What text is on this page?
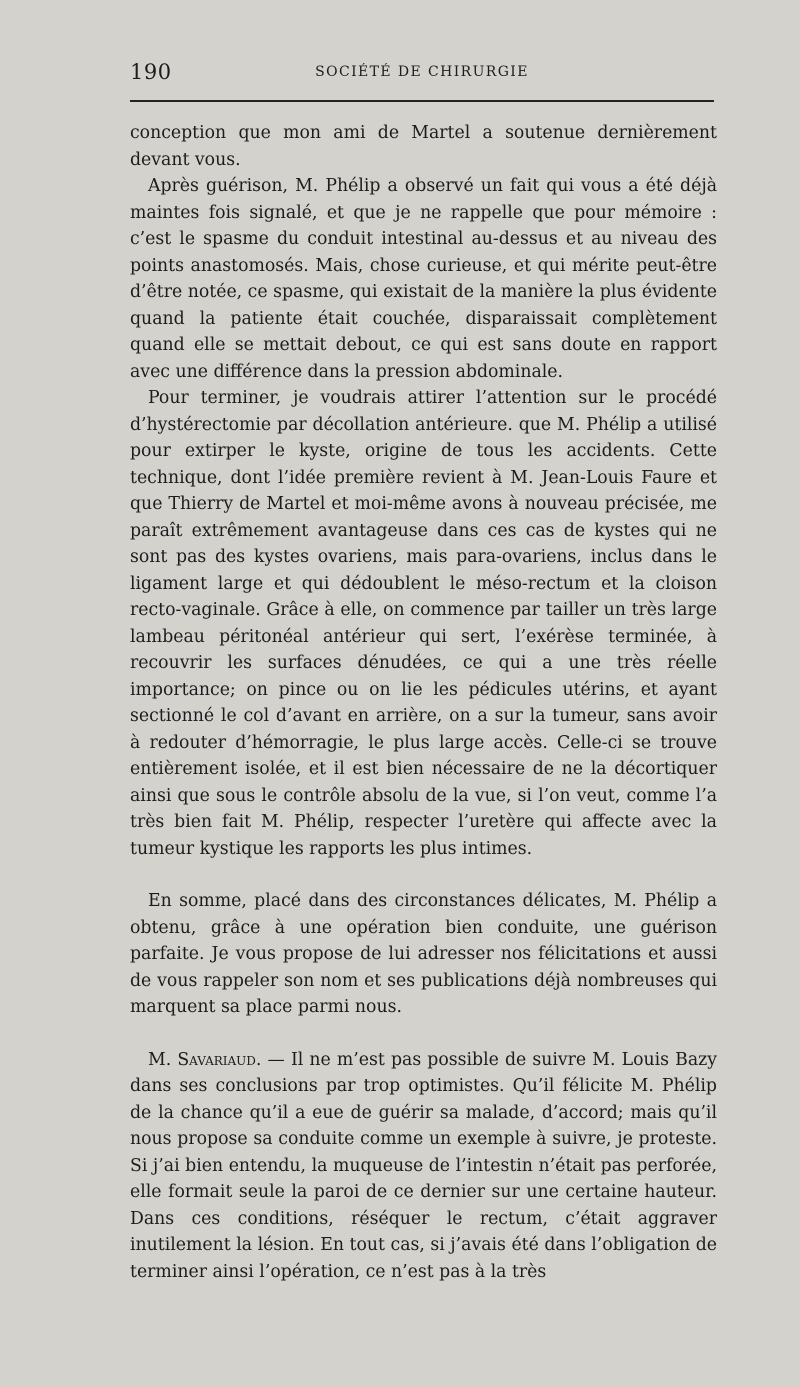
190	SOCIÉTÉ DE CHIRURGIE

conception que mon ami de Martel a soutenue dernièrement devant vous.

Après guérison, M. Phélip a observé un fait qui vous a été déjà maintes fois signalé, et que je ne rappelle que pour mémoire : c’est le spasme du conduit intestinal au-dessus et au niveau des points anastomosés. Mais, chose curieuse, et qui mérite peut-être d’être notée, ce spasme, qui existait de la manière la plus évidente quand la patiente était couchée, disparaissait complètement quand elle se mettait debout, ce qui est sans doute en rapport avec une différence dans la pression abdominale.

Pour terminer, je voudrais attirer l’attention sur le procédé d’hystérectomie par décollation antérieure. que M. Phélip a utilisé pour extirper le kyste, origine de tous les accidents. Cette technique, dont l’idée première revient à M. Jean-Louis Faure et que Thierry de Martel et moi-même avons à nouveau précisée, me paraît extrêmement avantageuse dans ces cas de kystes qui ne sont pas des kystes ovariens, mais para-ovariens, inclus dans le ligament large et qui dédoublent le méso-rectum et la cloison recto-vaginale. Grâce à elle, on commence par tailler un très large lambeau péritonéal antérieur qui sert, l’exérèse terminée, à recouvrir les surfaces dénudées, ce qui a une très réelle importance; on pince ou on lie les pédicules utérins, et ayant sectionné le col d’avant en arrière, on a sur la tumeur, sans avoir à redouter d’hémorragie, le plus large accès. Celle-ci se trouve entièrement isolée, et il est bien nécessaire de ne la décortiquer ainsi que sous le contrôle absolu de la vue, si l’on veut, comme l’a très bien fait M. Phélip, respecter l’uretère qui affecte avec la tumeur kystique les rapports les plus intimes.

En somme, placé dans des circonstances délicates, M. Phélip a obtenu, grâce à une opération bien conduite, une guérison parfaite. Je vous propose de lui adresser nos félicitations et aussi de vous rappeler son nom et ses publications déjà nombreuses qui marquent sa place parmi nous.

M. Savariaud. — Il ne m’est pas possible de suivre M. Louis Bazy dans ses conclusions par trop optimistes. Qu’il félicite M. Phélip de la chance qu’il a eue de guérir sa malade, d’accord; mais qu’il nous propose sa conduite comme un exemple à suivre, je proteste. Si j’ai bien entendu, la muqueuse de l’intestin n’était pas perforée, elle formait seule la paroi de ce dernier sur une certaine hauteur. Dans ces conditions, réséquer le rectum, c’était aggraver inutilement la lésion. En tout cas, si j’avais été dans l’obligation de terminer ainsi l’opération, ce n’est pas à la très
